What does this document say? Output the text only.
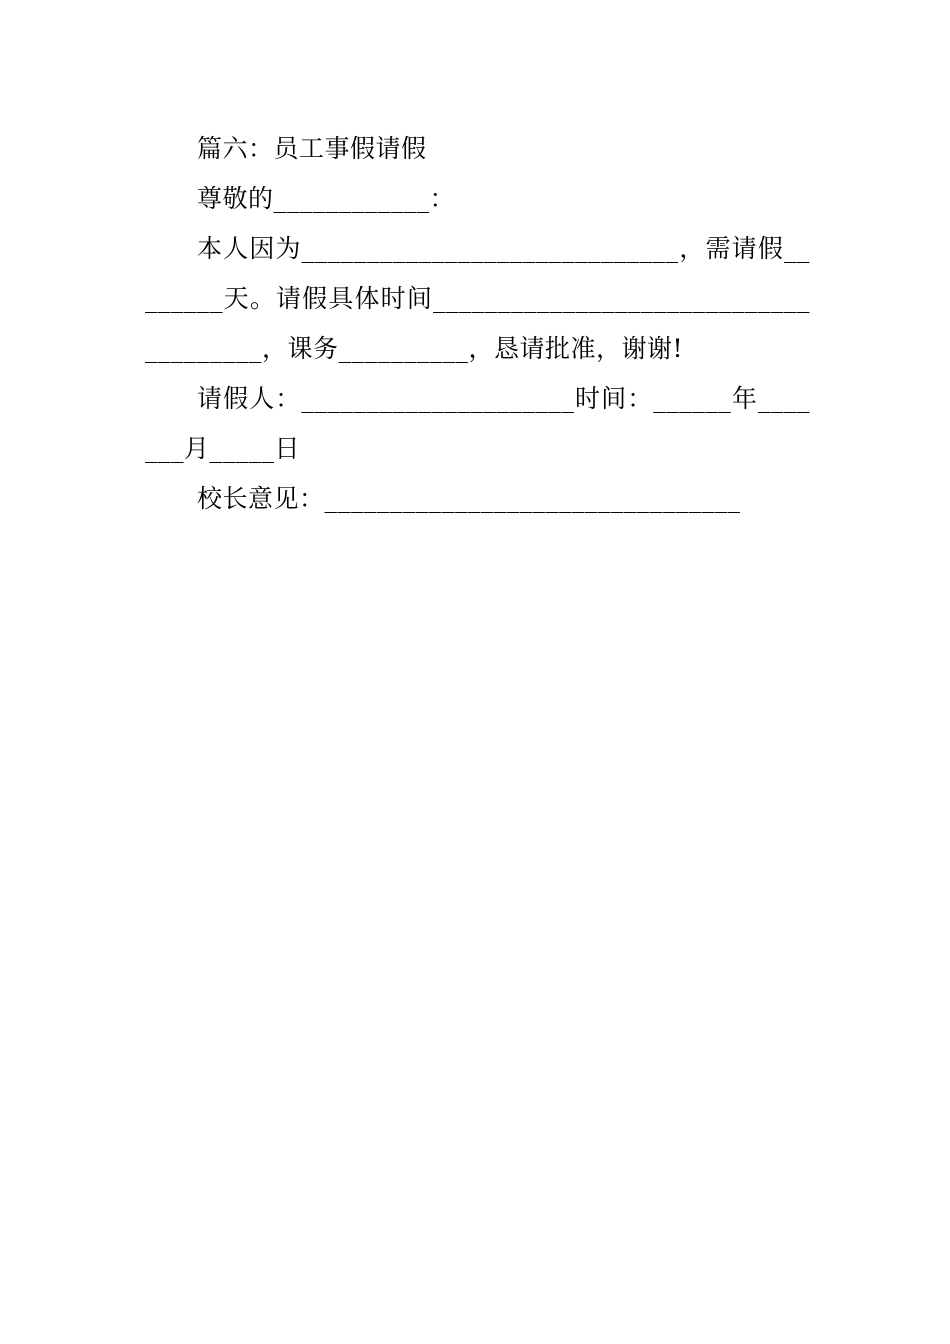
篇六：员工事假请假

尊敬的____________：

本人因为_____________________________，需请假________天。请假具体时间______________________________________，课务__________，恳请批准，谢谢!

请假人：_____________________时间：______年_______月_____日

校长意见：________________________________
